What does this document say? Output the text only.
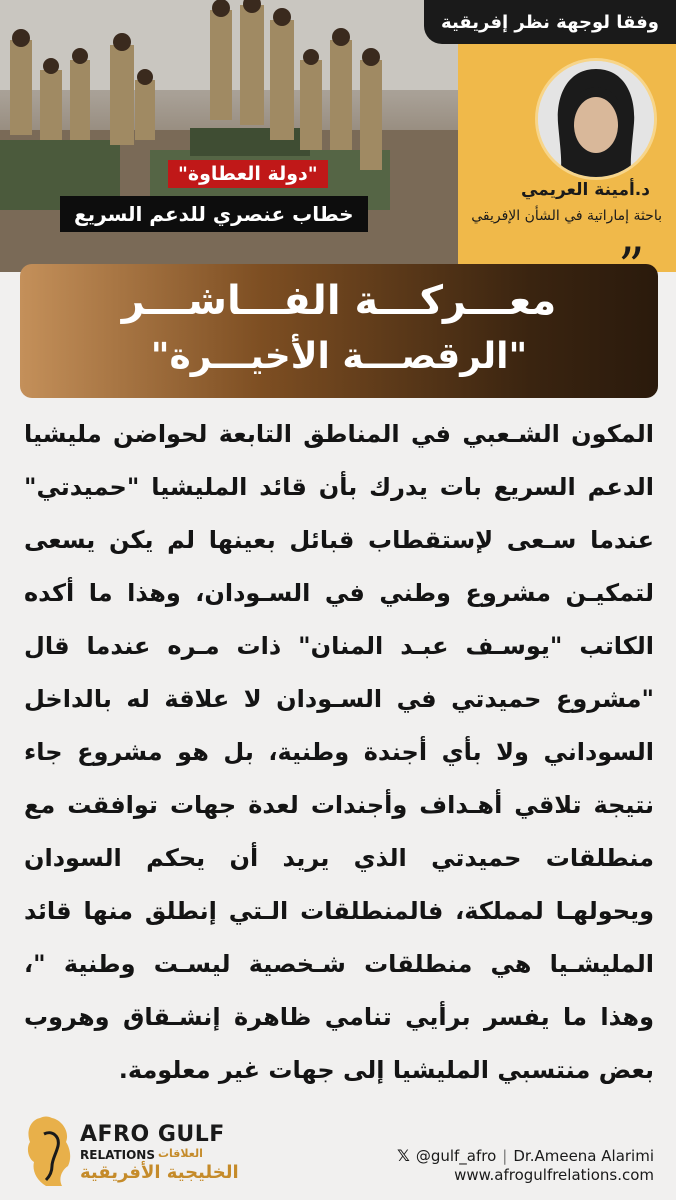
"دولة العطاوة"
خطاب عنصري للدعم السريع
وفقا لوجهة نظر إفريقية
د.أمينة العريمي
باحثة إماراتية في الشأن الإفريقي
معـــركـــة الفـــاشـــر
"الرقصـــة الأخيـــرة"
المكون الشـعبي في المناطق التابعة لحواضن مليشيا الدعم السريع بات يدرك بأن قائد المليشيا "حميدتي" عندما سـعى لإستقطاب قبائل بعينها لم يكن يسعى لتمكيـن مشروع وطني في السـودان، وهذا ما أكده الكاتب "يوسـف عبـد المنان" ذات مـره عندما قال "مشروع حميدتي في السـودان لا علاقة له بالداخل السوداني ولا بأي أجندة وطنية، بل هو مشروع جاء نتيجة تلاقي أهـداف وأجندات لعدة جهات توافقت مع منطلقات حميدتي الذي يريد أن يحكم السودان ويحولهـا لمملكة، فالمنطلقات الـتي إنطلق منها قائد المليشـيا هي منطلقات شـخصية ليسـت وطنية "، وهذا ما يفسر برأيي تنامي ظاهرة إنشـقاق وهروب بعض منتسبي المليشيا إلى جهات غير معلومة.
AFRO GULF
RELATIONS العلاقات
الخليجية الأفريقية
𝕏 @gulf_afro | Dr.Ameena Alarimi
www.afrogulfrelations.com
